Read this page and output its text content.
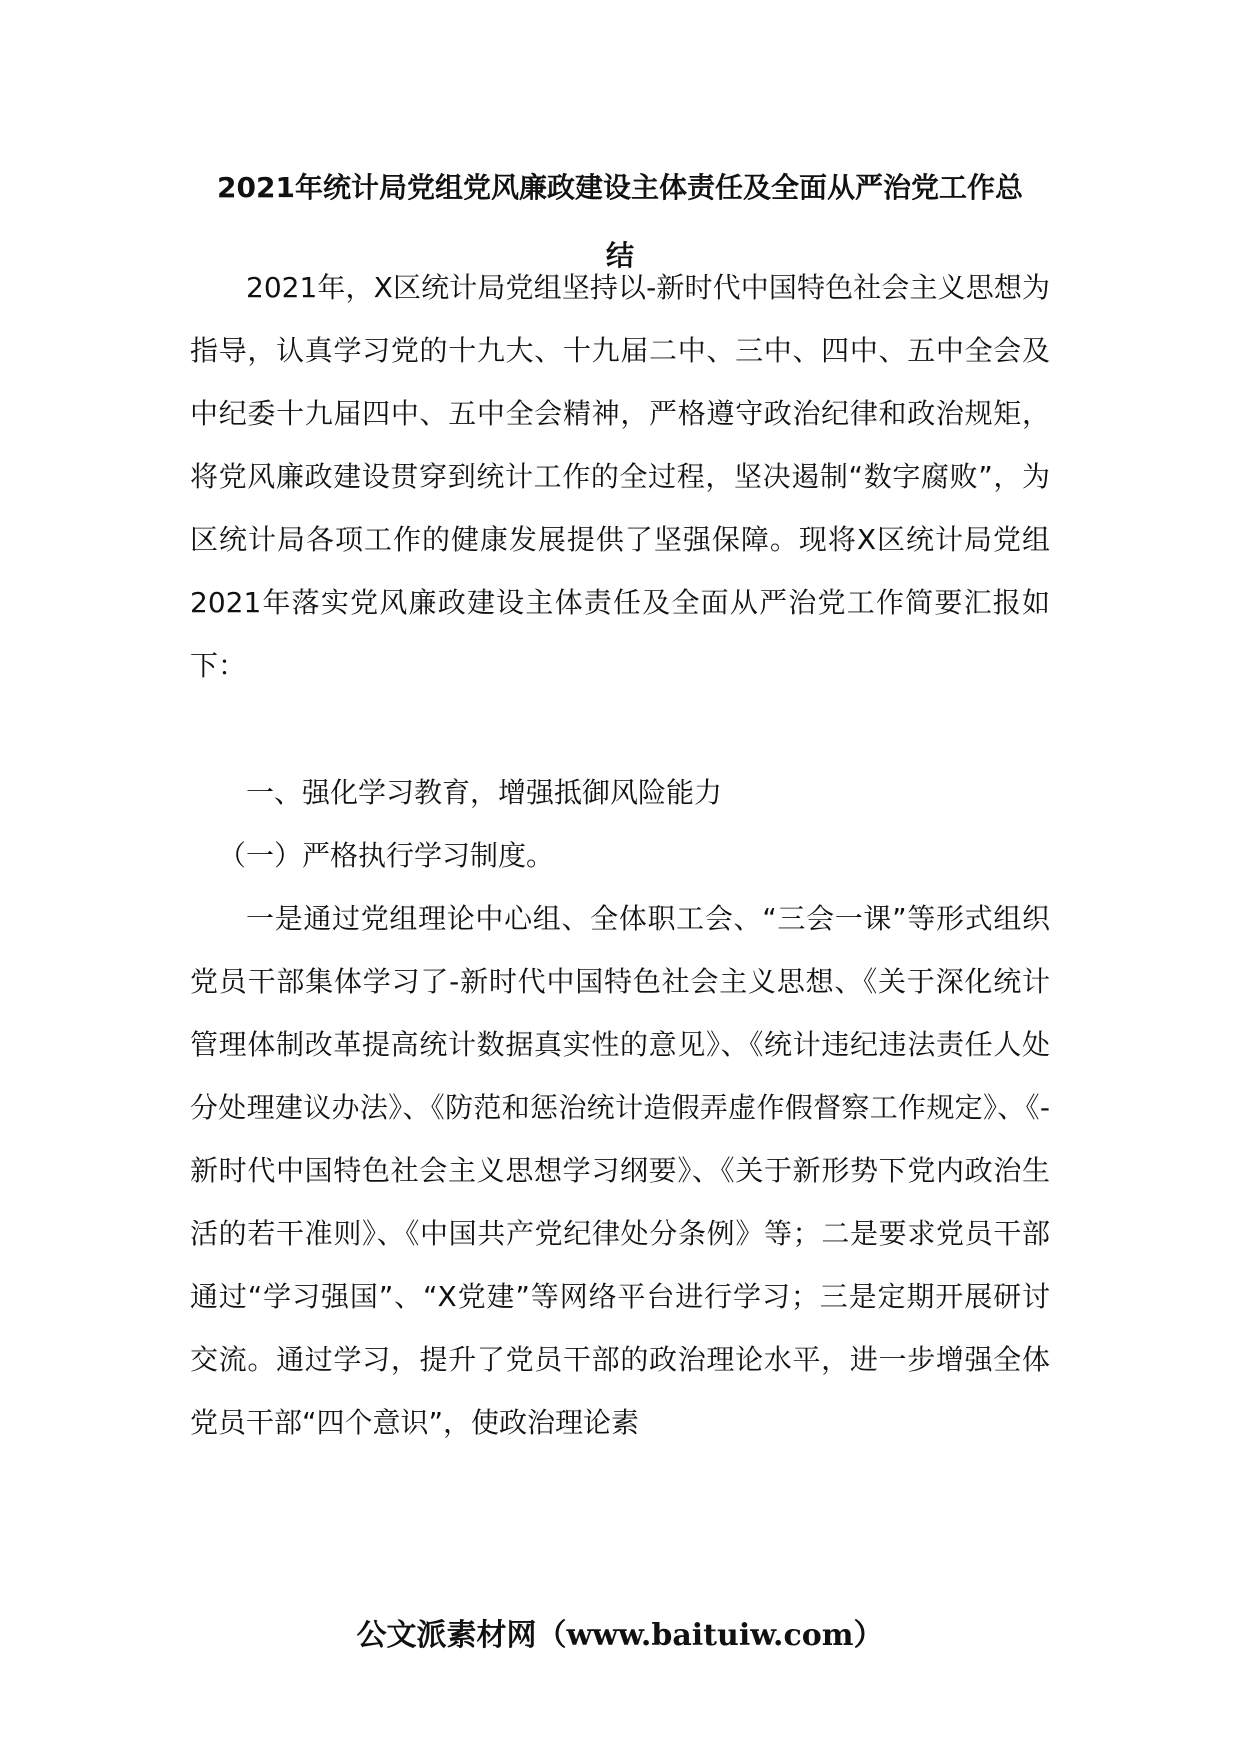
2021年统计局党组党风廉政建设主体责任及全面从严治党工作总
结

2021年，X区统计局党组坚持以-新时代中国特色社会主义思想为指导，认真学习党的十九大、十九届二中、三中、四中、五中全会及中纪委十九届四中、五中全会精神，严格遵守政治纪律和政治规矩，将党风廉政建设贯穿到统计工作的全过程，坚决遏制“数字腐败”，为区统计局各项工作的健康发展提供了坚强保障。现将X区统计局党组2021年落实党风廉政建设主体责任及全面从严治党工作简要汇报如下：

一、强化学习教育，增强抵御风险能力

（一）严格执行学习制度。

一是通过党组理论中心组、全体职工会、“三会一课”等形式组织党员干部集体学习了-新时代中国特色社会主义思想、《关于深化统计管理体制改革提高统计数据真实性的意见》、《统计违纪违法责任人处分处理建议办法》、《防范和惩治统计造假弄虚作假督察工作规定》、《-新时代中国特色社会主义思想学习纲要》、《关于新形势下党内政治生活的若干准则》、《中国共产党纪律处分条例》等；二是要求党员干部通过“学习强国”、“X党建”等网络平台进行学习；三是定期开展研讨交流。通过学习，提升了党员干部的政治理论水平，进一步增强全体党员干部“四个意识”，使政治理论素

公文派素材网（www.baituiw.com）
